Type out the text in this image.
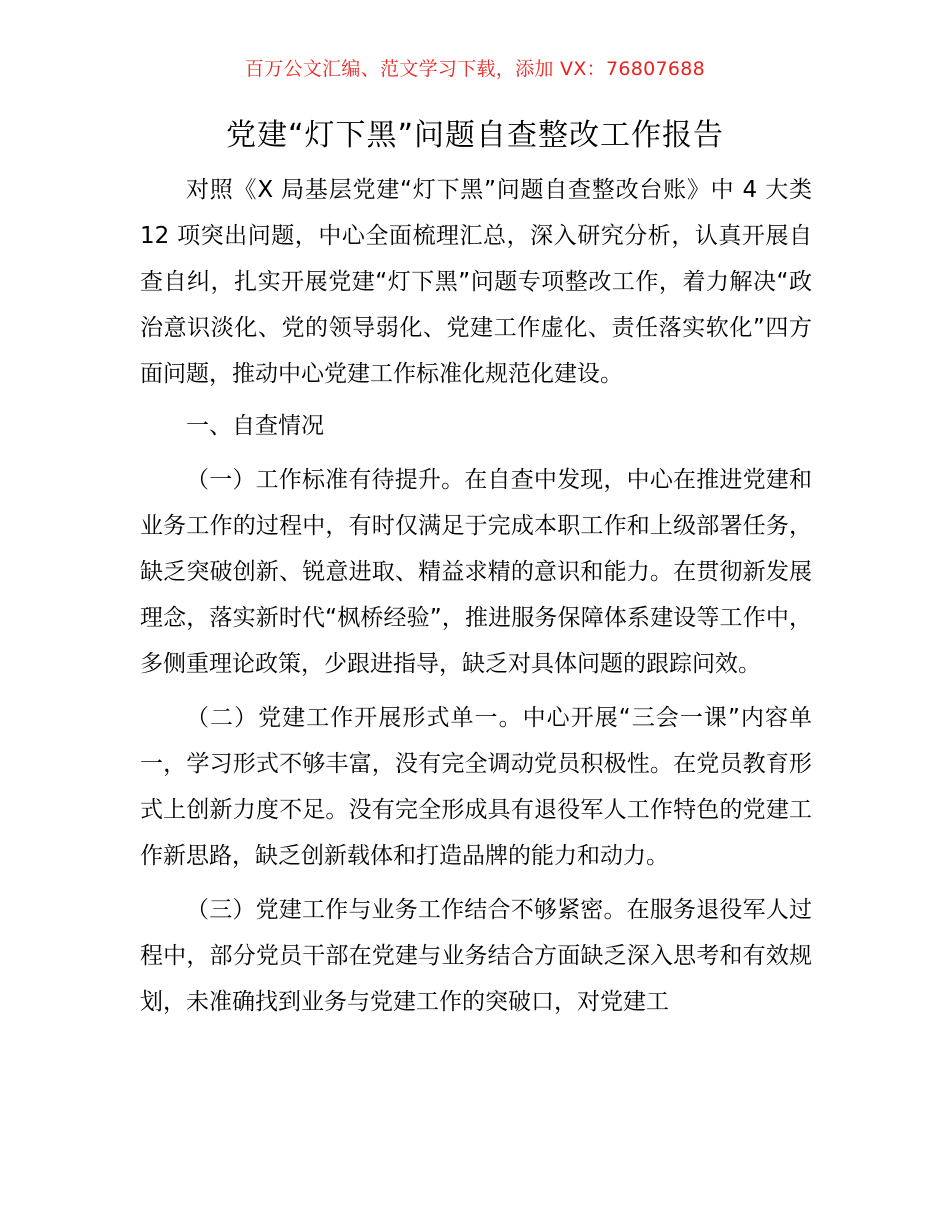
百万公文汇编、范文学习下载，添加 VX：76807688
党建“灯下黑”问题自查整改工作报告

对照《X 局基层党建“灯下黑”问题自查整改台账》中 4 大类 12 项突出问题，中心全面梳理汇总，深入研究分析，认真开展自查自纠，扎实开展党建“灯下黑”问题专项整改工作，着力解决“政治意识淡化、党的领导弱化、党建工作虚化、责任落实软化”四方面问题，推动中心党建工作标准化规范化建设。

一、自查情况

（一）工作标准有待提升。在自查中发现，中心在推进党建和业务工作的过程中，有时仅满足于完成本职工作和上级部署任务，缺乏突破创新、锐意进取、精益求精的意识和能力。在贯彻新发展理念，落实新时代“枫桥经验”，推进服务保障体系建设等工作中，多侧重理论政策，少跟进指导，缺乏对具体问题的跟踪问效。

（二）党建工作开展形式单一。中心开展“三会一课”内容单一，学习形式不够丰富，没有完全调动党员积极性。在党员教育形式上创新力度不足。没有完全形成具有退役军人工作特色的党建工作新思路，缺乏创新载体和打造品牌的能力和动力。

（三）党建工作与业务工作结合不够紧密。在服务退役军人过程中，部分党员干部在党建与业务结合方面缺乏深入思考和有效规划，未准确找到业务与党建工作的突破口，对党建工
